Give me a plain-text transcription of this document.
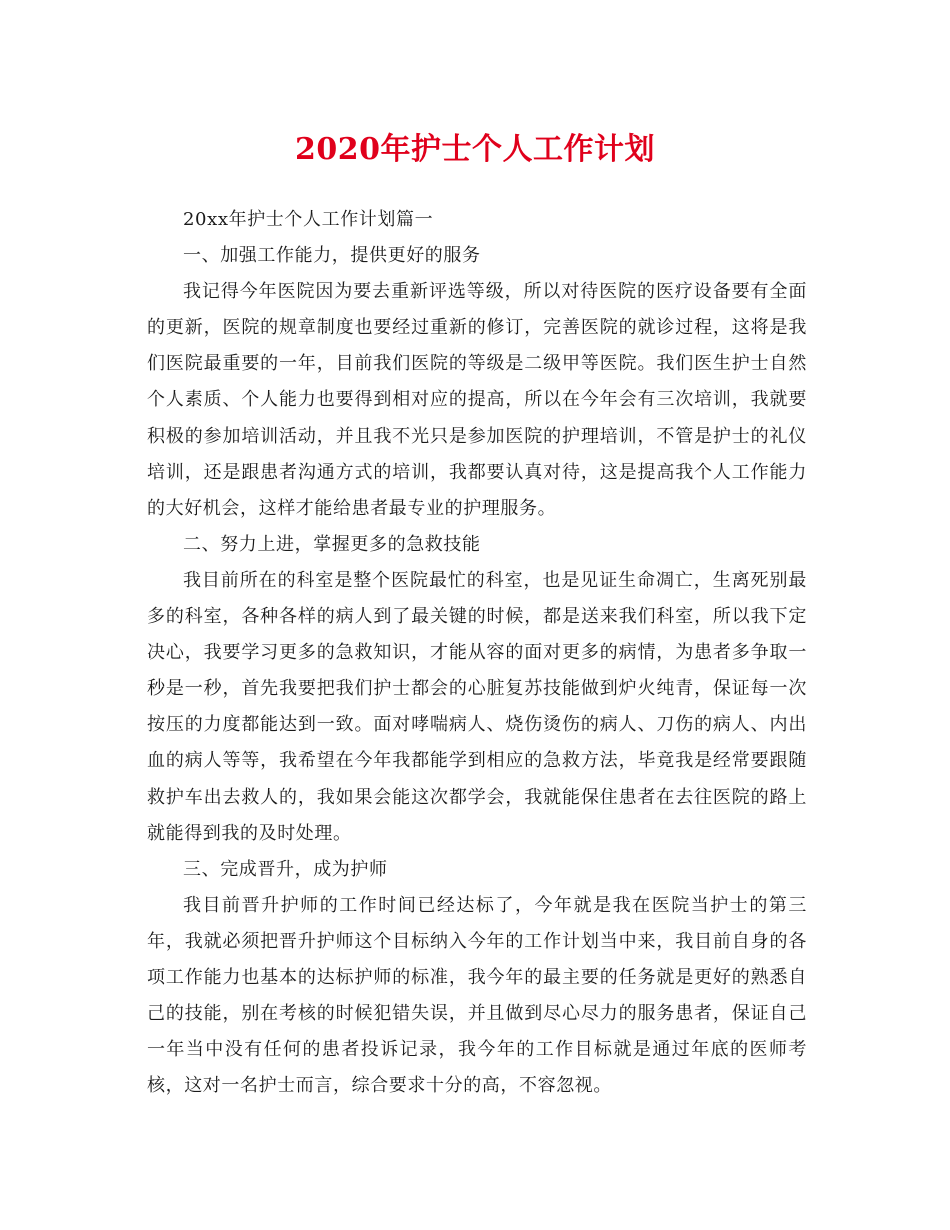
2020年护士个人工作计划

20xx年护士个人工作计划篇一

一、加强工作能力，提供更好的服务

我记得今年医院因为要去重新评选等级，所以对待医院的医疗设备要有全面的更新，医院的规章制度也要经过重新的修订，完善医院的就诊过程，这将是我们医院最重要的一年，目前我们医院的等级是二级甲等医院。我们医生护士自然个人素质、个人能力也要得到相对应的提高，所以在今年会有三次培训，我就要积极的参加培训活动，并且我不光只是参加医院的护理培训，不管是护士的礼仪培训，还是跟患者沟通方式的培训，我都要认真对待，这是提高我个人工作能力的大好机会，这样才能给患者最专业的护理服务。

二、努力上进，掌握更多的急救技能

我目前所在的科室是整个医院最忙的科室，也是见证生命凋亡，生离死别最多的科室，各种各样的病人到了最关键的时候，都是送来我们科室，所以我下定决心，我要学习更多的急救知识，才能从容的面对更多的病情，为患者多争取一秒是一秒，首先我要把我们护士都会的心脏复苏技能做到炉火纯青，保证每一次按压的力度都能达到一致。面对哮喘病人、烧伤烫伤的病人、刀伤的病人、内出血的病人等等，我希望在今年我都能学到相应的急救方法，毕竟我是经常要跟随救护车出去救人的，我如果会能这次都学会，我就能保住患者在去往医院的路上就能得到我的及时处理。

三、完成晋升，成为护师

我目前晋升护师的工作时间已经达标了，今年就是我在医院当护士的第三年，我就必须把晋升护师这个目标纳入今年的工作计划当中来，我目前自身的各项工作能力也基本的达标护师的标准，我今年的最主要的任务就是更好的熟悉自己的技能，别在考核的时候犯错失误，并且做到尽心尽力的服务患者，保证自己一年当中没有任何的患者投诉记录，我今年的工作目标就是通过年底的医师考核，这对一名护士而言，综合要求十分的高，不容忽视。
